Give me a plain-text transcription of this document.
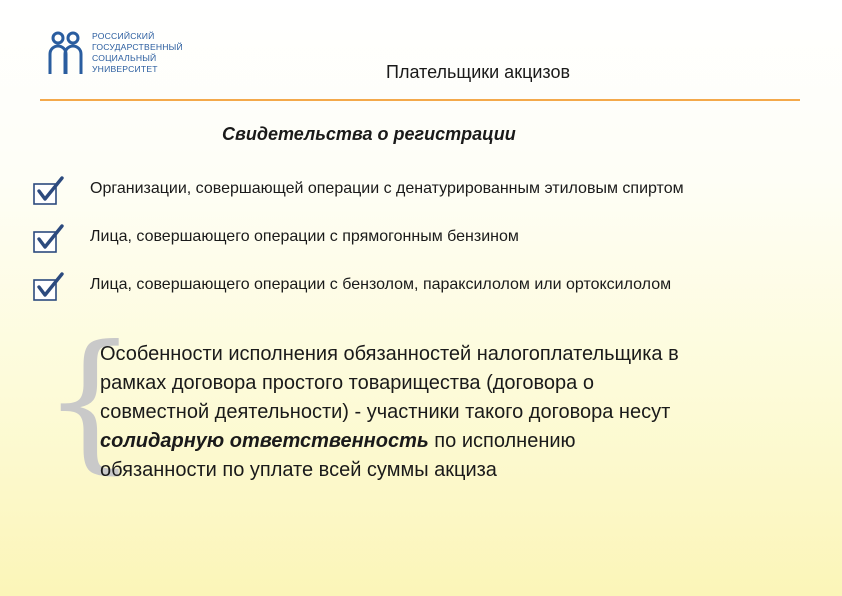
РОССИЙСКИЙ
ГОСУДАРСТВЕННЫЙ
СОЦИАЛЬНЫЙ
УНИВЕРСИТЕТ	Плательщики акцизов
Свидетельства о регистрации
Организации, совершающей операции с денатурированным этиловым спиртом
Лица, совершающего операции с прямогонным бензином
Лица, совершающего операции с бензолом, параксилолом или ортоксилолом
{
Особенности исполнения обязанностей налогоплательщика в
рамках договора простого товарищества (договора о
совместной деятельности) - участники такого договора несут
солидарную ответственность по исполнению
обязанности по уплате всей суммы акциза
